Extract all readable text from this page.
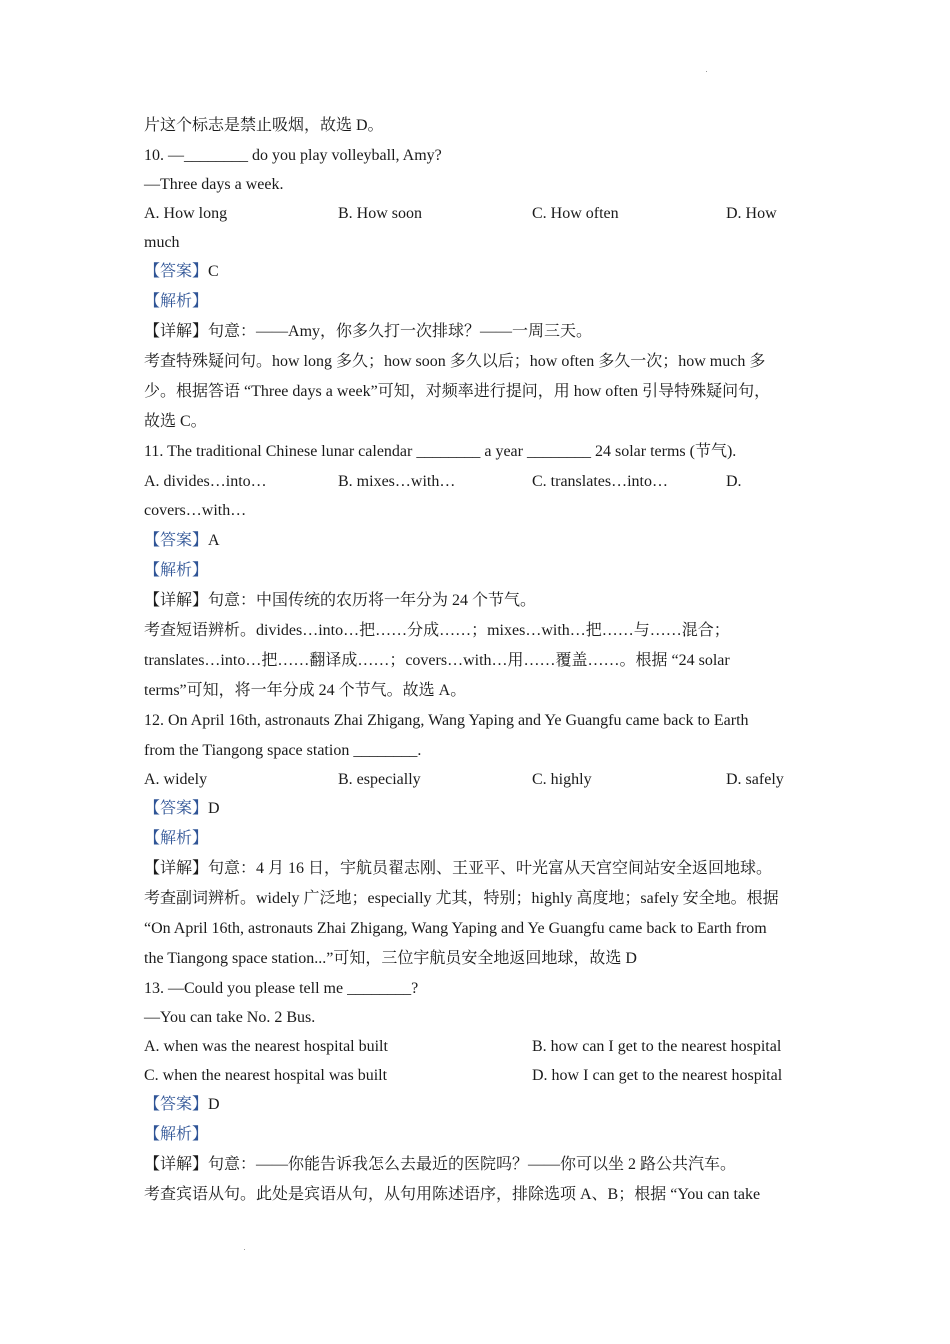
片这个标志是禁止吸烟，故选 D。
10. —________ do you play volleyball, Amy?
—Three days a week.
A. How long	B. How soon	C. How often	D. How
much
【答案】C
【解析】
【详解】句意：——Amy，你多久打一次排球？——一周三天。
考查特殊疑问句。how long 多久；how soon 多久以后；how often 多久一次；how much 多
少。根据答语 “Three days a week”可知，对频率进行提问，用 how often 引导特殊疑问句，
故选 C。
11. The traditional Chinese lunar calendar ________ a year ________ 24 solar terms (节气).
A. divides…into…	B. mixes…with…	C. translates…into…	D.
covers…with…
【答案】A
【解析】
【详解】句意：中国传统的农历将一年分为 24 个节气。
考查短语辨析。divides…into…把……分成……；mixes…with…把……与……混合；
translates…into…把……翻译成……；covers…with…用……覆盖……。根据 “24 solar
terms”可知，将一年分成 24 个节气。故选 A。
12. On April 16th, astronauts Zhai Zhigang, Wang Yaping and Ye Guangfu came back to Earth
from the Tiangong space station ________.
A. widely	B. especially	C. highly	D. safely
【答案】D
【解析】
【详解】句意：4 月 16 日，宇航员翟志刚、王亚平、叶光富从天宫空间站安全返回地球。
考查副词辨析。widely 广泛地；especially 尤其，特别；highly 高度地；safely 安全地。根据
“On April 16th, astronauts Zhai Zhigang, Wang Yaping and Ye Guangfu came back to Earth from
the Tiangong space station...”可知，三位宇航员安全地返回地球，故选 D
13. —Could you please tell me ________?
—You can take No. 2 Bus.
A. when was the nearest hospital built	B. how can I get to the nearest hospital
C. when the nearest hospital was built	D. how I can get to the nearest hospital
【答案】D
【解析】
【详解】句意：——你能告诉我怎么去最近的医院吗？——你可以坐 2 路公共汽车。
考查宾语从句。此处是宾语从句，从句用陈述语序，排除选项 A、B；根据 “You can take
